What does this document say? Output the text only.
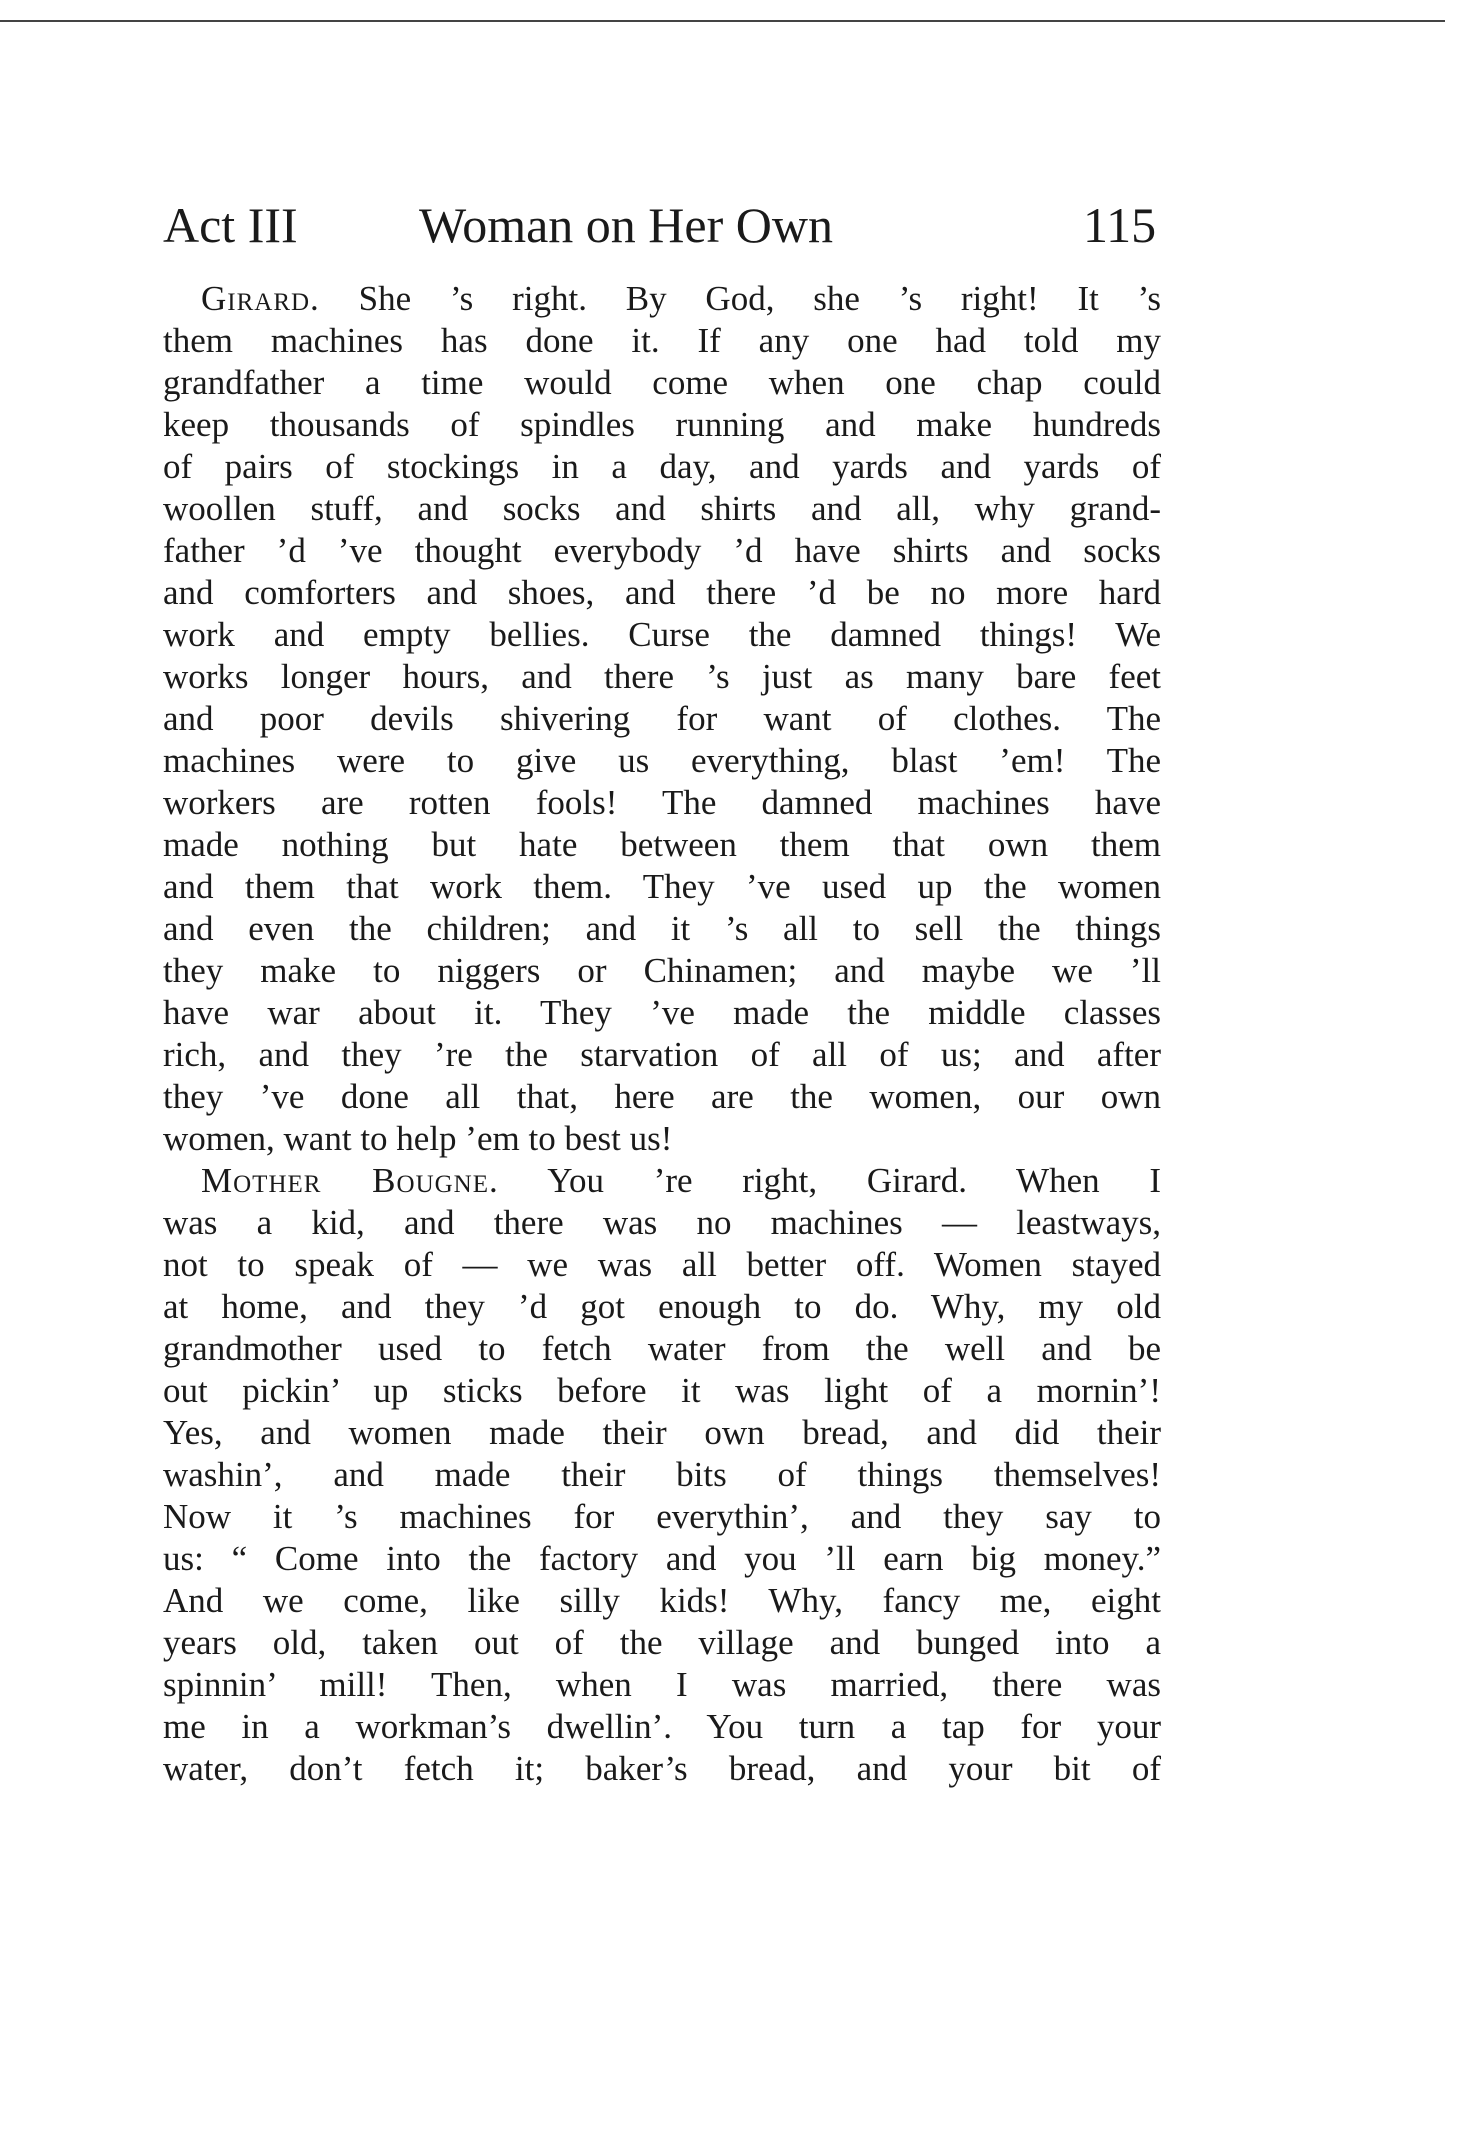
Act III Woman on Her Own	115
Girard. She ’s right. By God, she ’s right! It ’s
them machines has done it. If any one had told my
grandfather a time would come when one chap could
keep thousands of spindles running and make hundreds
of pairs of stockings in a day, and yards and yards of
woollen stuff, and socks and shirts and all, why grand-
father ’d ’ve thought everybody ’d have shirts and socks
and comforters and shoes, and there ’d be no more hard
work and empty bellies. Curse the damned things! We
works longer hours, and there ’s just as many bare feet
and poor devils shivering for want of clothes. The
machines were to give us everything, blast ’em! The
workers are rotten fools! The damned machines have
made nothing but hate between them that own them
and them that work them. They ’ve used up the women
and even the children; and it ’s all to sell the things
they make to niggers or Chinamen; and maybe we ’ll
have war about it. They ’ve made the middle classes
rich, and they ’re the starvation of all of us; and after
they ’ve done all that, here are the women, our own
women, want to help ’em to best us!
Mother Bougne. You ’re right, Girard. When I
was a kid, and there was no machines — leastways,
not to speak of — we was all better off. Women stayed
at home, and they ’d got enough to do. Why, my old
grandmother used to fetch water from the well and be
out pickin’ up sticks before it was light of a mornin’!
Yes, and women made their own bread, and did their
washin’, and made their bits of things themselves!
Now it ’s machines for everythin’, and they say to
us: “ Come into the factory and you ’ll earn big money.”
And we come, like silly kids! Why, fancy me, eight
years old, taken out of the village and bunged into a
spinnin’ mill! Then, when I was married, there was
me in a workman’s dwellin’. You turn a tap for your
water, don’t fetch it; baker’s bread, and your bit of
